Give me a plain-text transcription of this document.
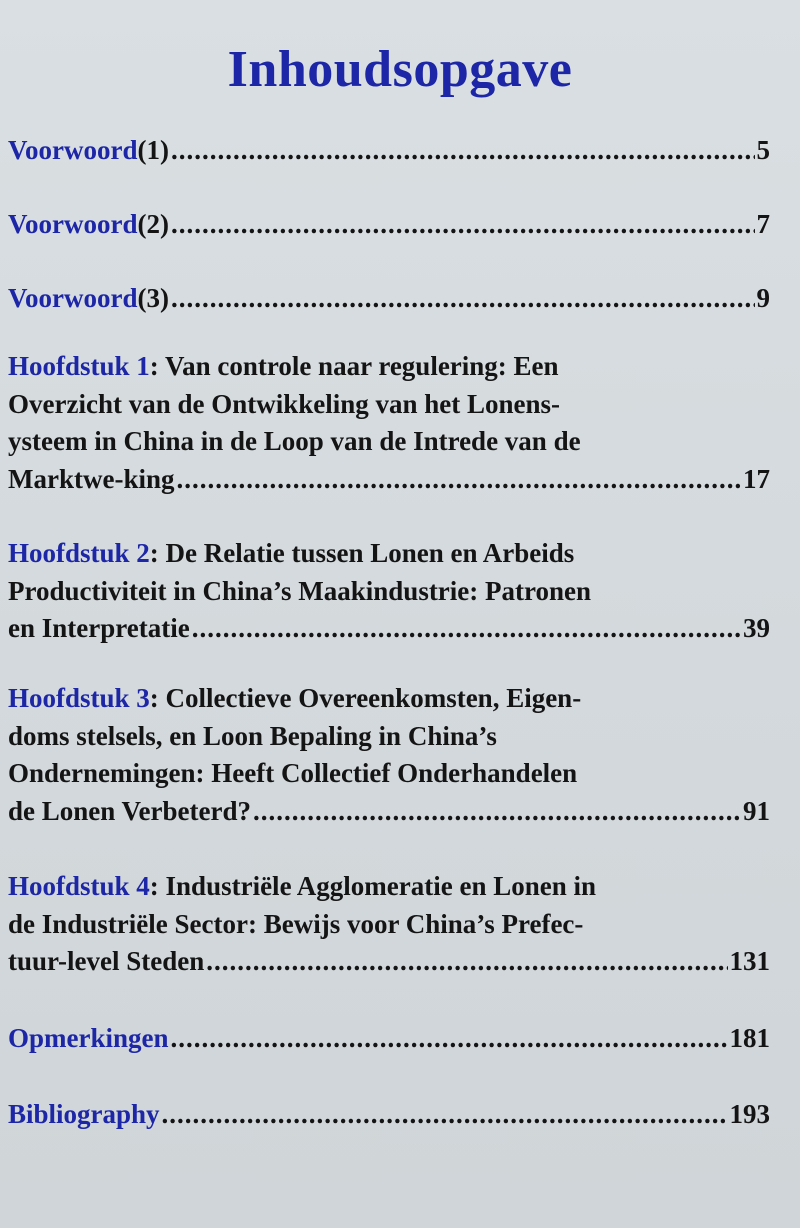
Inhoudsopgave
Voorwoord (1) .....	5
Voorwoord (2) .....	7
Voorwoord (3) .....	9
Hoofdstuk 1 : Van controle naar regulering: Een
Overzicht van de Ontwikkeling van het Lonens-
ysteem in China in de Loop van de Intrede van de
Marktwe-king .....	17
Hoofdstuk 2 : De Relatie tussen Lonen en Arbeids
Productiviteit in China’s Maakindustrie: Patronen
en Interpretatie .....	39
Hoofdstuk 3 : Collectieve Overeenkomsten, Eigen-
doms stelsels, en Loon Bepaling in China’s
Ondernemingen: Heeft Collectief Onderhandelen
de Lonen Verbeterd? .....	91
Hoofdstuk 4 : Industriële Agglomeratie en Lonen in
de Industriële Sector: Bewijs voor China’s Prefec-
tuur-level Steden .....	131
Opmerkingen .....	181
Bibliography .....	193
